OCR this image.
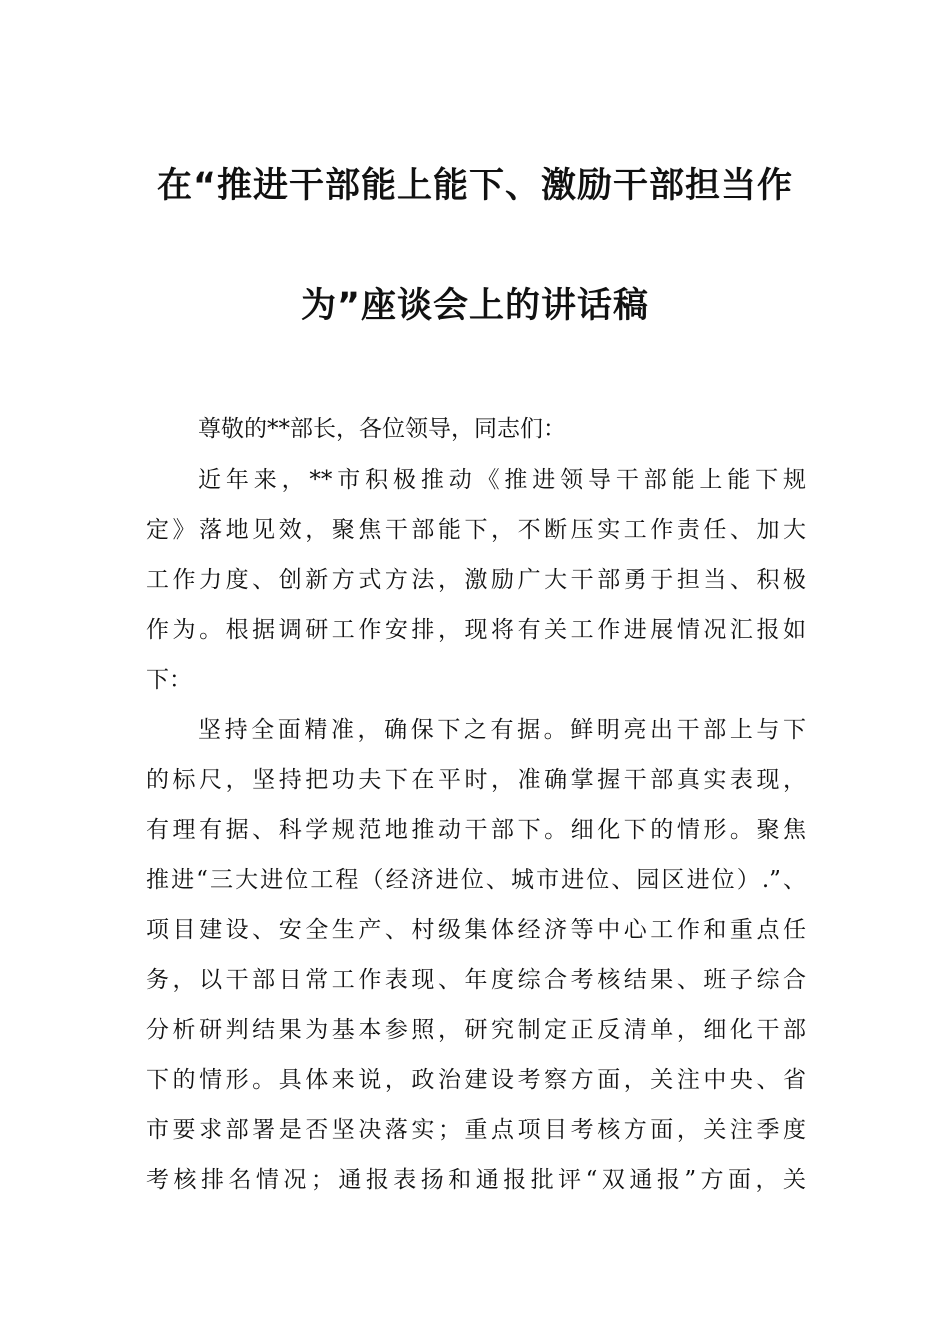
在“推进干部能上能下、激励干部担当作
为”座谈会上的讲话稿
尊敬的**部长，各位领导，同志们：
近年来，**市积极推动《推进领导干部能上能下规
定》落地见效，聚焦干部能下，不断压实工作责任、加大
工作力度、创新方式方法，激励广大干部勇于担当、积极
作为。根据调研工作安排，现将有关工作进展情况汇报如
下：
坚持全面精准，确保下之有据。鲜明亮出干部上与下
的标尺，坚持把功夫下在平时，准确掌握干部真实表现，
有理有据、科学规范地推动干部下。细化下的情形。聚焦
推进“三大进位工程（经济进位、城市进位、园区进位）.”、
项目建设、安全生产、村级集体经济等中心工作和重点任
务，以干部日常工作表现、年度综合考核结果、班子综合
分析研判结果为基本参照，研究制定正反清单，细化干部
下的情形。具体来说，政治建设考察方面，关注中央、省
市要求部署是否坚决落实；重点项目考核方面，关注季度
考核排名情况；通报表扬和通报批评“双通报”方面，关
